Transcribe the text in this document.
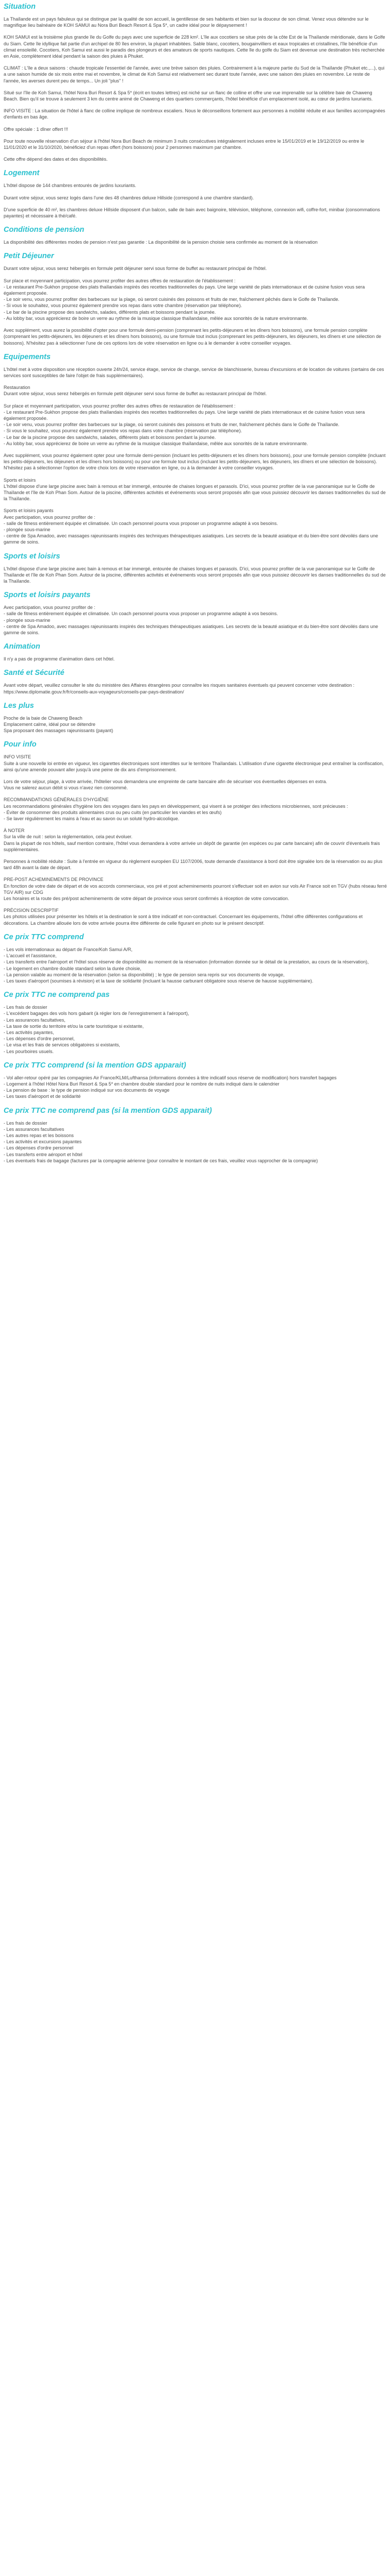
Situation

La Thaïlande est un pays fabuleux qui se distingue par la qualité de son accueil, la gentillesse de ses habitants et bien sur la douceur de son climat. Venez vous détendre sur le magnifique lieu balnéaire de KOH SAMUI au Nora Buri Beach Resort & Spa 5*, un cadre idéal pour le dépaysement !

KOH SAMUI est la troisième plus grande île du Golfe du pays avec une superficie de 228 km². L'île aux cocotiers se situe près de la côte Est de la Thaïlande méridionale, dans le Golfe du Siam. Cette île idyllique fait partie d'un archipel de 80 îles environ, la plupart inhabitées. Sable blanc, cocotiers, bougainvilliers et eaux tropicales et cristallines, l'île bénéficie d'un climat ensoleillé. Cocotiers, Koh Samui est aussi le paradis des plongeurs et des amateurs de sports nautiques. Cette île du golfe du Siam est devenue une destination très recherchée en Asie, complètement idéal pendant la saison des pluies à Phuket.

CLIMAT : L'île a deux saisons : chaude tropicale l'essentiel de l'année, avec une brève saison des pluies. Contrairement à la majeure partie du Sud de la Thaïlande (Phuket etc.,...), qui a une saison humide de six mois entre mai et novembre, le climat de Koh Samui est relativement sec durant toute l'année, avec une saison des pluies en novembre. Le reste de l'année, les averses durent peu de temps... Un joli "plus" !

Situé sur l'île de Koh Samui, l'hôtel Nora Buri Resort & Spa 5* (écrit en toutes lettres) est niché sur un flanc de colline et offre une vue imprenable sur la célèbre baie de Chaweng Beach. Bien qu'il se trouve à seulement 3 km du centre animé de Chaweng et des quartiers commerçants, l'hôtel bénéficie d'un emplacement isolé, au cœur de jardins luxuriants.

INFO VISITE : La situation de l'hôtel à flanc de colline implique de nombreux escaliers. Nous le déconseillons fortement aux personnes à mobilité réduite et aux familles accompagnées d'enfants en bas âge.

Offre spéciale : 1 dîner offert !!!

Pour toute nouvelle réservation d'un séjour à l'hôtel Nora Buri Beach de minimum 3 nuits consécutives intégralement incluses entre le 15/01/2019 et le 19/12/2019 ou entre le 11/01/2020 et le 31/10/2020, bénéficiez d'un repas offert (hors boissons) pour 2 personnes maximum par chambre.

Cette offre dépend des dates et des disponibilités.

Logement

L'hôtel dispose de 144 chambres entourés de jardins luxuriants.

Durant votre séjour, vous serez logés dans l'une des 48 chambres deluxe Hillside (correspond à une chambre standard).

D'une superficie de 40 m², les chambres deluxe Hillside disposent d'un balcon, salle de bain avec baignoire, télévision, téléphone, connexion wifi, coffre-fort, minibar (consommations payantes) et nécessaire à thé/café.

Conditions de pension

La disponibilité des différentes modes de pension n'est pas garantie : La disponibilité de la pension choisie sera confirmée au moment de la réservation

Petit Déjeuner

Durant votre séjour, vous serez hébergés en formule petit déjeuner servi sous forme de buffet au restaurant principal de l'hôtel.

Sur place et moyennant participation, vous pourrez profiter des autres offres de restauration de l'établissement :
- Le restaurant Pre-Sukhon propose des plats thaïlandais inspirés des recettes traditionnelles du pays. Une large variété de plats internationaux et de cuisine fusion vous sera également proposée.
- Le soir venu, vous pourrez profiter des barbecues sur la plage, où seront cuisinés des poissons et fruits de mer, fraîchement pêchés dans le Golfe de Thaïlande.
- Si vous le souhaitez, vous pourrez également prendre vos repas dans votre chambre (réservation par téléphone).
- Le bar de la piscine propose des sandwichs, salades, différents plats et boissons pendant la journée.
- Au lobby bar, vous apprécierez de boire un verre au rythme de la musique classique thaïlandaise, mêlée aux sonorités de la nature environnante.

Avec supplément, vous aurez la possibilité d'opter pour une formule demi-pension (comprenant les petits-déjeuners et les dîners hors boissons), une formule pension complète (comprenant les petits-déjeuners, les déjeuners et les dîners hors boissons), ou une formule tout inclus (comprenant les petits-déjeuners, les déjeuners, les dîners et une sélection de boissons). N'hésitez pas à sélectionner l'une de ces options lors de votre réservation en ligne ou à le demander à votre conseiller voyages.

Equipements

L'hôtel met à votre disposition une réception ouverte 24h/24, service étage, service de change, service de blanchisserie, bureau d'excursions et de location de voitures (certains de ces services sont susceptibles de faire l'objet de frais supplémentaires).

Restauration
Durant votre séjour, vous serez hébergés en formule petit déjeuner servi sous forme de buffet au restaurant principal de l'hôtel.

Sur place et moyennant participation, vous pourrez profiter des autres offres de restauration de l'établissement :
- Le restaurant Pre-Sukhon propose des plats thaïlandais inspirés des recettes traditionnelles du pays. Une large variété de plats internationaux et de cuisine fusion vous sera également proposée.
- Le soir venu, vous pourrez profiter des barbecues sur la plage, où seront cuisinés des poissons et fruits de mer, fraîchement pêchés dans le Golfe de Thaïlande.
- Si vous le souhaitez, vous pourrez également prendre vos repas dans votre chambre (réservation par téléphone).
- Le bar de la piscine propose des sandwichs, salades, différents plats et boissons pendant la journée.
- Au lobby bar, vous apprécierez de boire un verre au rythme de la musique classique thaïlandaise, mêlée aux sonorités de la nature environnante.

Avec supplément, vous pourrez également opter pour une formule demi-pension (incluant les petits-déjeuners et les dîners hors boissons), pour une formule pension complète (incluant les petits-déjeuners, les déjeuners et les dîners hors boissons) ou pour une formule tout inclus (incluant les petits-déjeuners, les déjeuners, les dîners et une sélection de boissons). N'hésitez pas à sélectionner l'option de votre choix lors de votre réservation en ligne, ou à la demander à votre conseiller voyages.

Sports et loisirs
L'hôtel dispose d'une large piscine avec bain à remous et bar immergé, entourée de chaises longues et parasols. D'ici, vous pourrez profiter de la vue panoramique sur le Golfe de Thaïlande et l'île de Koh Phan Som. Autour de la piscine, différentes activités et événements vous seront proposés afin que vous puissiez découvrir les danses traditionnelles du sud de la Thaïlande.

Sports et loisirs payants
Avec participation, vous pourrez profiter de :
- salle de fitness entièrement équipée et climatisée. Un coach personnel pourra vous proposer un programme adapté à vos besoins.
- plongée sous-marine
- centre de Spa Amadoo, avec massages rajeunissants inspirés des techniques thérapeutiques asiatiques. Les secrets de la beauté asiatique et du bien-être sont dévoilés dans une gamme de soins.

Sports et loisirs

L'hôtel dispose d'une large piscine avec bain à remous et bar immergé, entourée de chaises longues et parasols. D'ici, vous pourrez profiter de la vue panoramique sur le Golfe de Thaïlande et l'île de Koh Phan Som. Autour de la piscine, différentes activités et événements vous seront proposés afin que vous puissiez découvrir les danses traditionnelles du sud de la Thaïlande.

Sports et loisirs payants

Avec participation, vous pourrez profiter de :
- salle de fitness entièrement équipée et climatisée. Un coach personnel pourra vous proposer un programme adapté à vos besoins.
- plongée sous-marine
- centre de Spa Amadoo, avec massages rajeunissants inspirés des techniques thérapeutiques asiatiques. Les secrets de la beauté asiatique et du bien-être sont dévoilés dans une gamme de soins.

Animation

Il n'y a pas de programme d'animation dans cet hôtel.

Santé et Sécurité

Avant votre départ, veuillez consulter le site du ministère des Affaires étrangères pour connaître les risques sanitaires éventuels qui peuvent concerner votre destination : https://www.diplomatie.gouv.fr/fr/conseils-aux-voyageurs/conseils-par-pays-destination/

Les plus

Proche de la baie de Chaweng Beach
Emplacement calme, idéal pour se détendre
Spa proposant des massages rajeunissants (payant)

Pour info

INFO VISITE
Suite à une nouvelle loi entrée en vigueur, les cigarettes électroniques sont interdites sur le territoire Thaïlandais. L'utilisation d'une cigarette électronique peut entraîner la confiscation, ainsi qu'une amende pouvant aller jusqu'à une peine de dix ans d'emprisonnement.

Lors de votre séjour, plage, à votre arrivée, l'hôtelier vous demandera une empreinte de carte bancaire afin de sécuriser vos éventuelles dépenses en extra.
Vous ne salerez aucun débit si vous n'avez rien consommé.

RECOMMANDATIONS GÉNÉRALES D'HYGIÈNE
Les recommandations générales d'hygiène lors des voyages dans les pays en développement, qui visent à se protéger des infections microbiennes, sont précieuses :
- Éviter de consommer des produits alimentaires crus ou peu cuits (en particulier les viandes et les œufs)
- Se laver régulièrement les mains à l'eau et au savon ou un soluté hydro-alcoolique.

À NOTER
Sur la ville de nuit : selon la réglementation, cela peut évoluer.
Dans la plupart de nos hôtels, sauf mention contraire, l'hôtel vous demandera à votre arrivée un dépôt de garantie (en espèces ou par carte bancaire) afin de couvrir d'éventuels frais supplémentaires.

Personnes à mobilité réduite : Suite à l'entrée en vigueur du règlement européen EU 1107/2006, toute demande d'assistance à bord doit être signalée lors de la réservation ou au plus tard 48h avant la date de départ.

PRE-POST ACHEMINEMENTS DE PROVINCE
En fonction de votre date de départ et de vos accords commerciaux, vos pré et post acheminements pourront s'effectuer soit en avion sur vols Air France soit en TGV (hubs réseau ferré TGV AIR) sur CDG
Les horaires et la route des pré/post acheminements de votre départ de province vous seront confirmés à réception de votre convocation.

PRÉCISION DESCRIPTIF
Les photos utilisées pour présenter les hôtels et la destination le sont à titre indicatif et non-contractuel. Concernant les équipements, l'hôtel offre différentes configurations et décorations. La chambre allouée lors de votre arrivée pourra être différente de celle figurant en photo sur le présent descriptif.

Ce prix TTC comprend

- Les vols internationaux au départ de France/Koh Samui A/R,
- L'accueil et l'assistance,
- Les transferts entre l'aéroport et l'hôtel sous réserve de disponibilité au moment de la réservation (information donnée sur le détail de la prestation, au cours de la réservation),
- Le logement en chambre double standard selon la durée choisie,
- La pension valable au moment de la réservation (selon sa disponibilité) ; le type de pension sera repris sur vos documents de voyage,
- Les taxes d'aéroport (soumises à révision) et la taxe de solidarité (incluant la hausse carburant obligatoire sous réserve de hausse supplémentaire).

Ce prix TTC ne comprend pas

- Les frais de dossier
- L'excédent bagages des vols hors gabarit (à régler lors de l'enregistrement à l'aéroport),
- Les assurances facultatives,
- La taxe de sortie du territoire et/ou la carte touristique si existante,
- Les activités payantes,
- Les dépenses d'ordre personnel,
- Le visa et les frais de services obligatoires si existants,
- Les pourboires usuels.

Ce prix TTC comprend (si la mention GDS apparait)

- Vol aller-retour opéré par les compagnies Air France/KLM/Lufthansa (informations données à titre indicatif sous réserve de modification) hors transfert bagages
- Logement à l'hôtel Hôtel Nora Buri Resort & Spa 5* en chambre double standard pour le nombre de nuits indiqué dans le calendrier
- La pension de base : le type de pension indiqué sur vos documents de voyage
- Les taxes d'aéroport et de solidarité

Ce prix TTC ne comprend pas (si la mention GDS apparait)

- Les frais de dossier
- Les assurances facultatives
- Les autres repas et les boissons
- Les activités et excursions payantes
- Les dépenses d'ordre personnel
- Les transferts entre aéroport et hôtel
- Les éventuels frais de bagage (factures par la compagnie aérienne (pour connaître le montant de ces frais, veuillez vous rapprocher de la compagnie)
